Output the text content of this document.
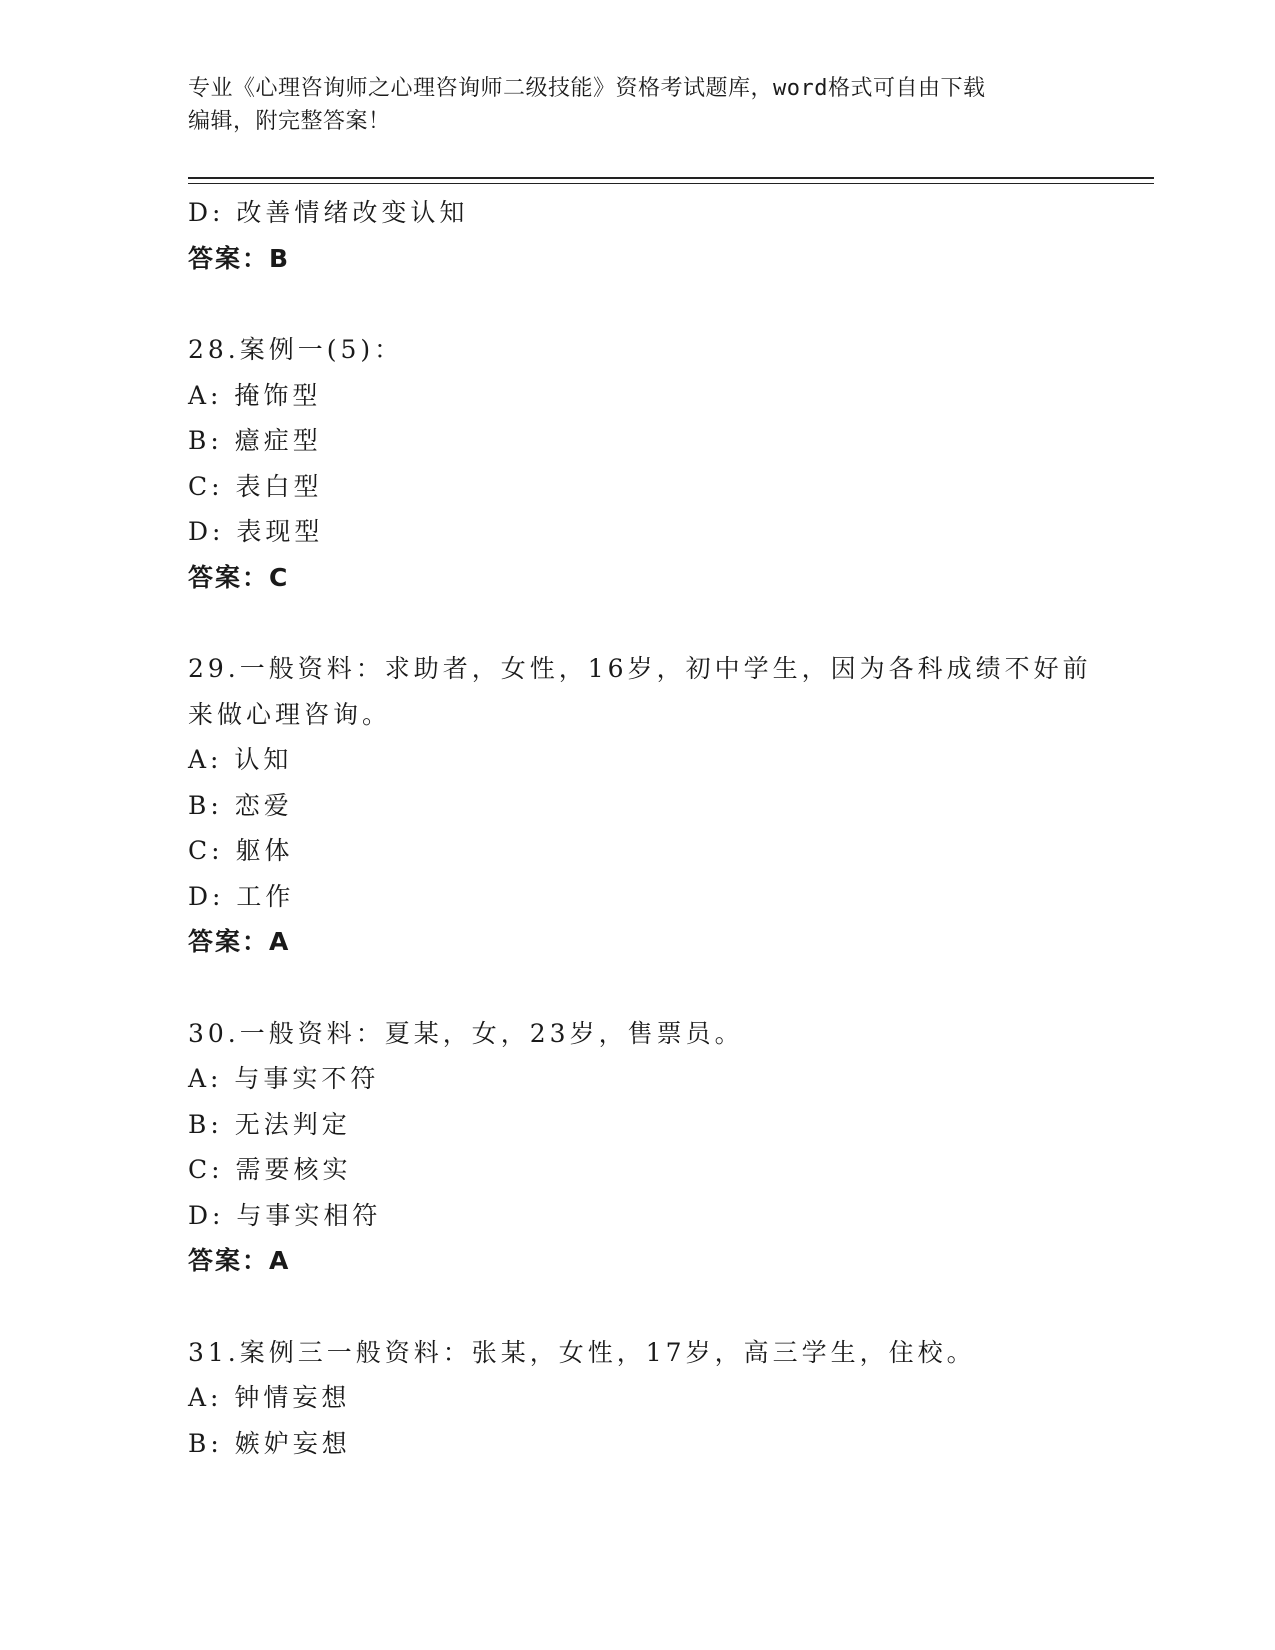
专业《心理咨询师之心理咨询师二级技能》资格考试题库，word格式可自由下载
编辑，附完整答案！
D: 改善情绪改变认知
答案：B
28.案例一(5)：
A: 掩饰型
B: 癔症型
C: 表白型
D: 表现型
答案：C
29.一般资料：求助者，女性，16岁，初中学生，因为各科成绩不好前
来做心理咨询。
A: 认知
B: 恋爱
C: 躯体
D: 工作
答案：A
30.一般资料：夏某，女，23岁，售票员。
A: 与事实不符
B: 无法判定
C: 需要核实
D: 与事实相符
答案：A
31.案例三一般资料：张某，女性，17岁，高三学生，住校。
A: 钟情妄想
B: 嫉妒妄想
